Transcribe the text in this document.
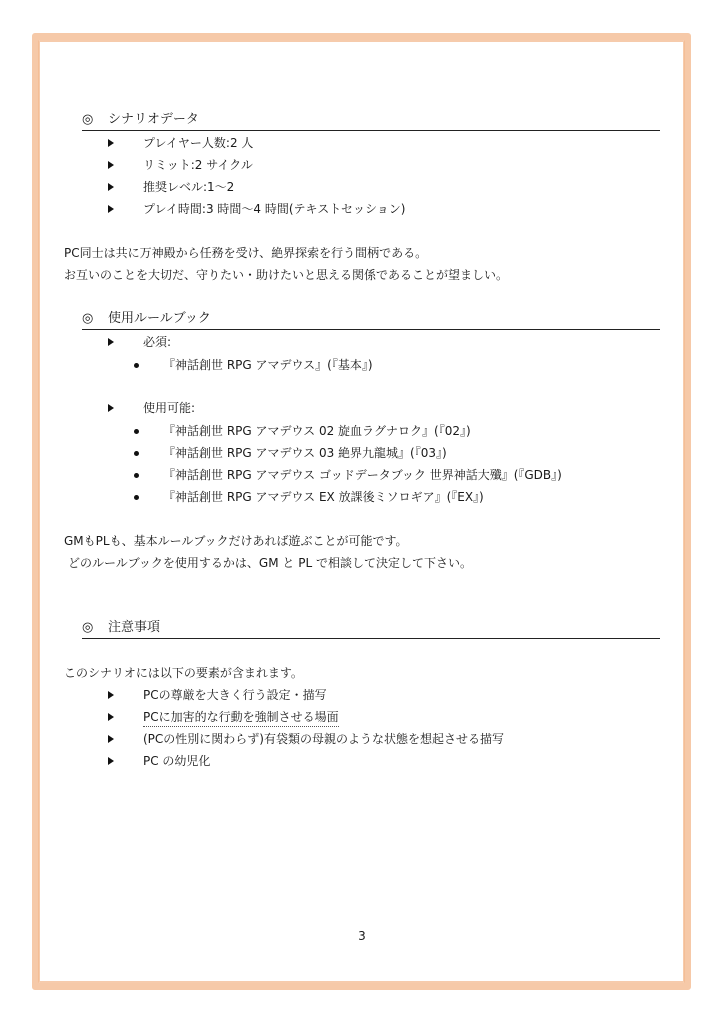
◎ シナリオデータ
プレイヤー人数:2 人
リミット:2 サイクル
推奨レベル:1〜2
プレイ時間:3 時間〜4 時間(テキストセッション)
PC同士は共に万神殿から任務を受け、絶界探索を行う間柄である。
お互いのことを大切だ、守りたい・助けたいと思える関係であることが望ましい。
◎ 使用ルールブック
必須:
『神話創世 RPG アマデウス』(『基本』)
使用可能:
『神話創世 RPG アマデウス 02 旋血ラグナロク』(『02』)
『神話創世 RPG アマデウス 03 絶界九龍城』(『03』)
『神話創世 RPG アマデウス ゴッドデータブック 世界神話大殲』(『GDB』)
『神話創世 RPG アマデウス EX 放課後ミソロギア』(『EX』)
GMもPLも、基本ルールブックだけあれば遊ぶことが可能です。
どのルールブックを使用するかは、GM と PL で相談して決定して下さい。
◎ 注意事項
このシナリオには以下の要素が含まれます。
PCの尊厳を大きく行う設定・描写
PCに加害的な行動を強制させる場面
(PCの性別に関わらず)有袋類の母親のような状態を想起させる描写
PC の幼児化
3
